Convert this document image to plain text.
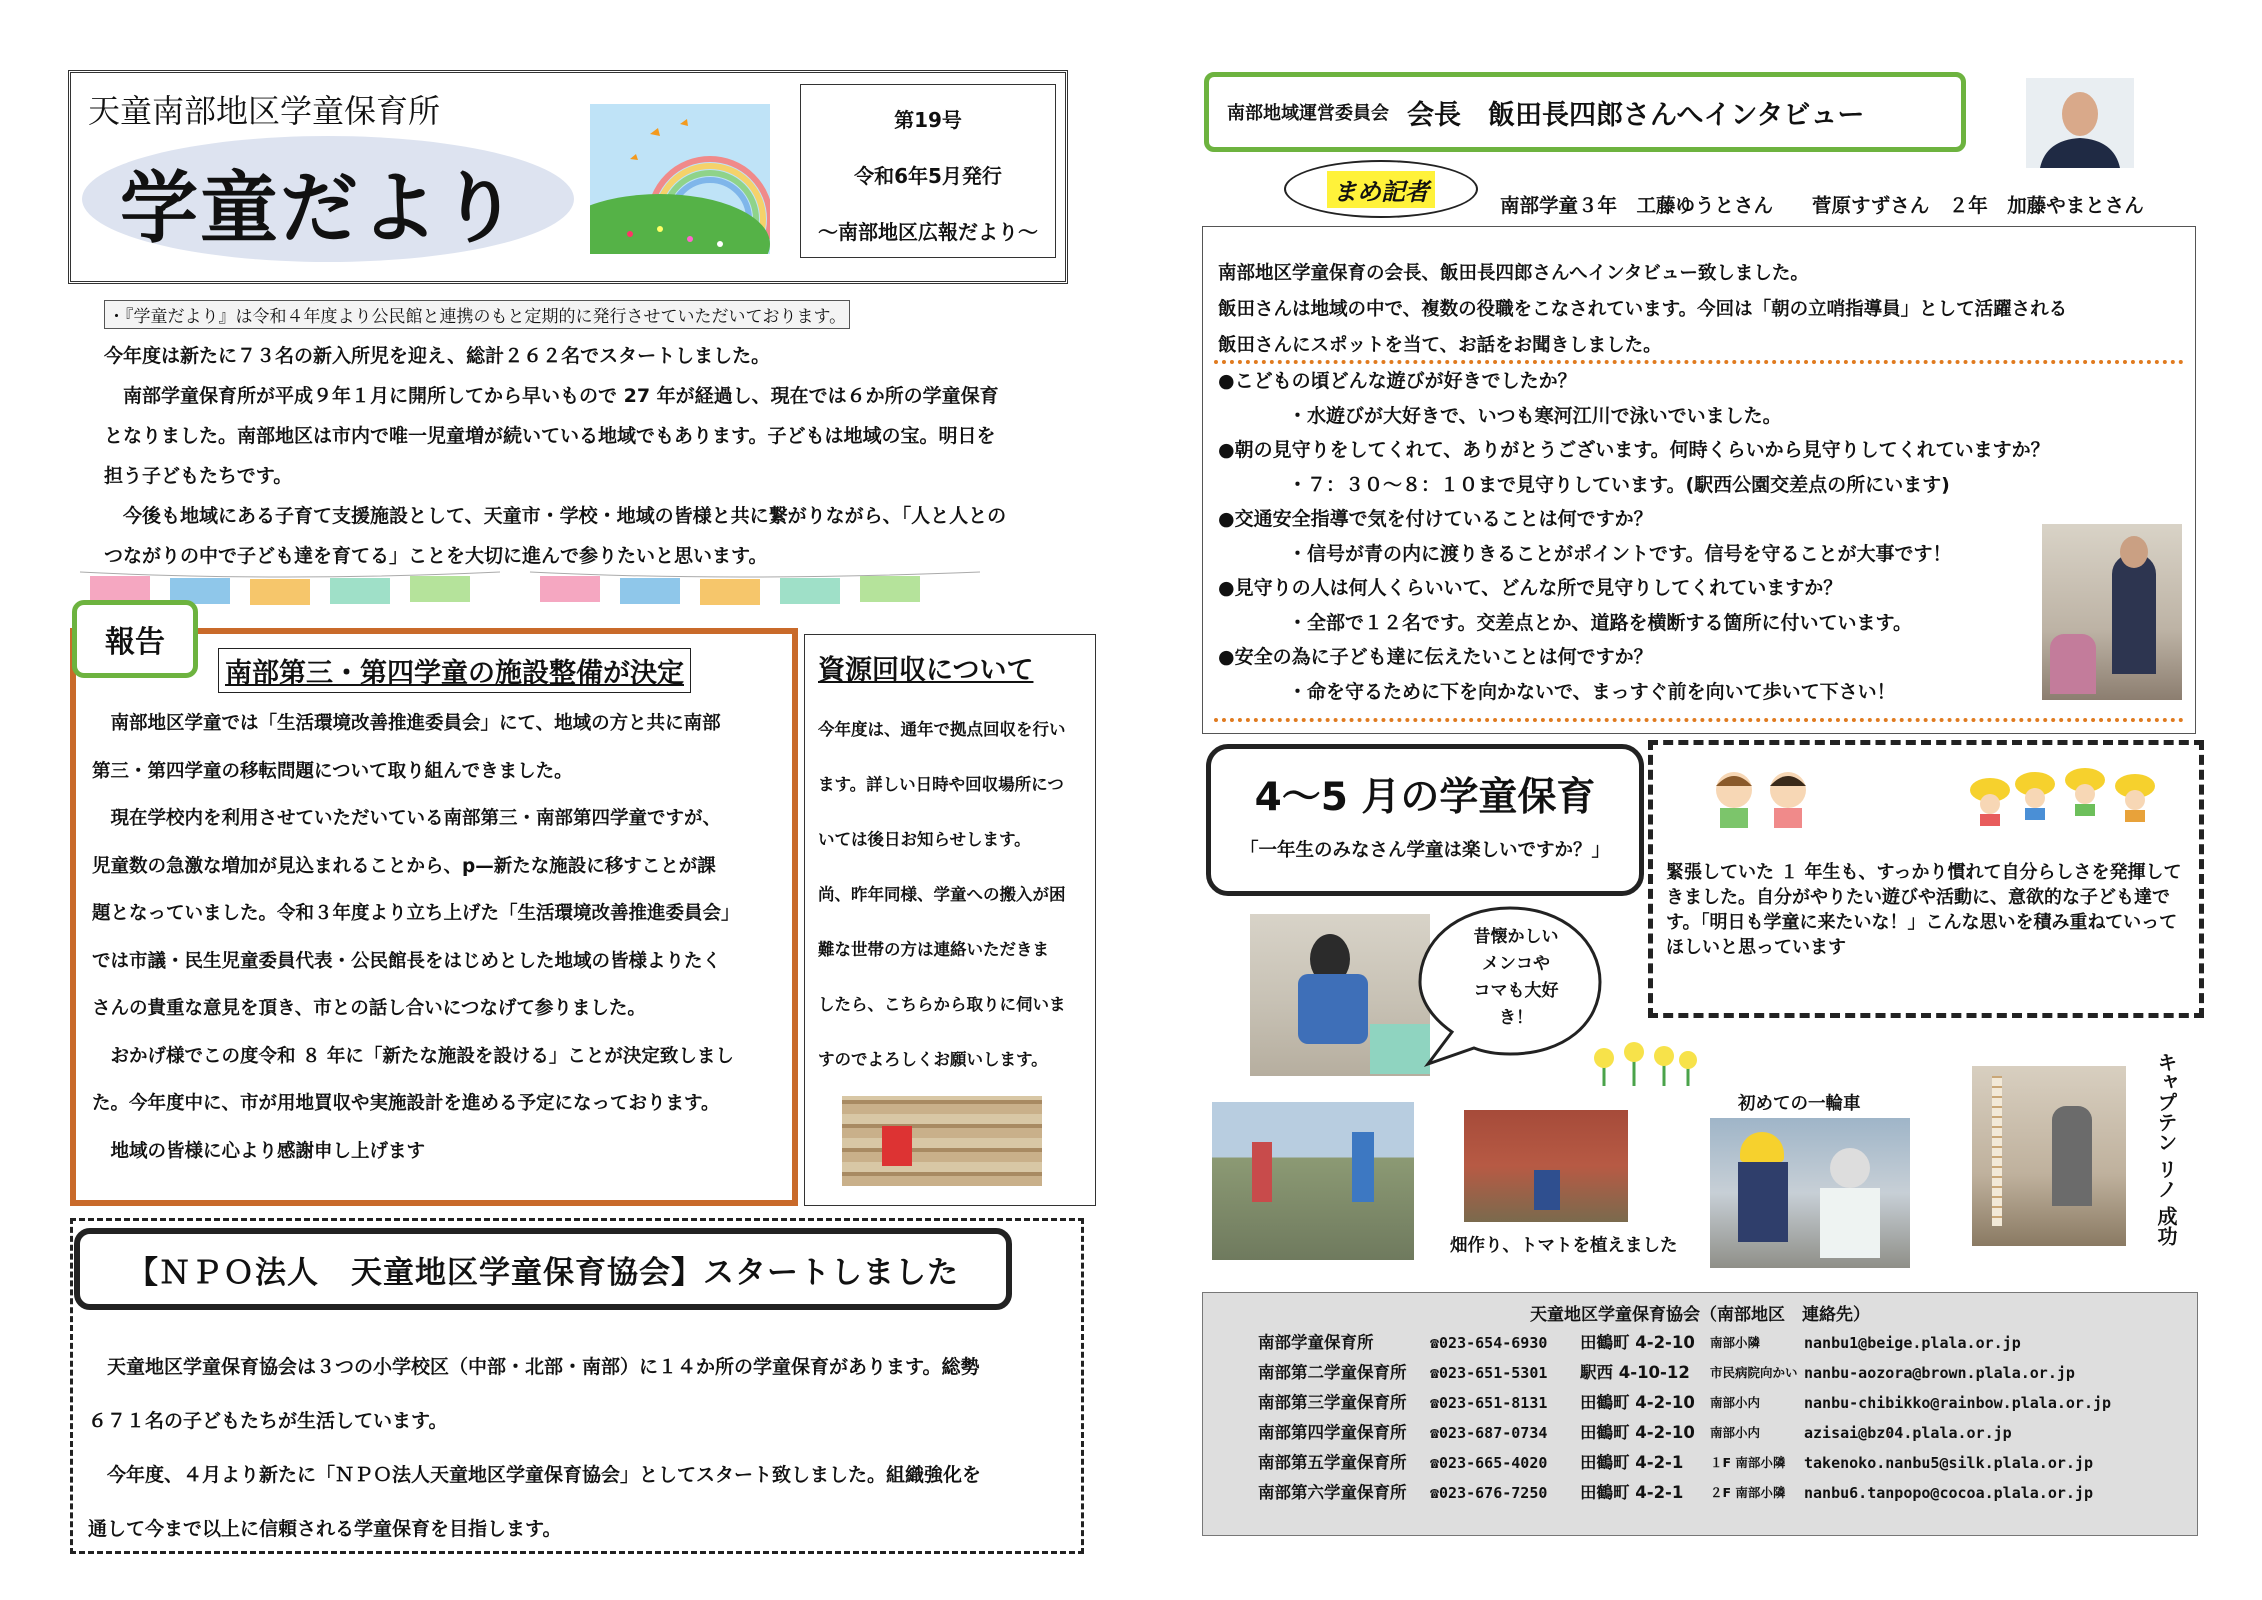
天童南部地区学童保育所
学童だより
第19号
令和6年5月発行
～南部地区広報だより～
・『学童だより』は令和４年度より公民館と連携のもと定期的に発行させていただいております。

今年度は新たに７３名の新入所児を迎え、総計２６２名でスタートしました。

　南部学童保育所が平成９年１月に開所してから早いもので 27 年が経過し、現在では６か所の学童保育

となりました。南部地区は市内で唯一児童増が続いている地域でもあります。子どもは地域の宝。明日を

担う子どもたちです。

　今後も地域にある子育て支援施設として、天童市・学校・地域の皆様と共に繋がりながら、「人と人との

つながりの中で子ども達を育てる」ことを大切に進んで参りたいと思います。

報告
南部第三・第四学童の施設整備が決定

　南部地区学童では「生活環境改善推進委員会」にて、地域の方と共に南部

第三・第四学童の移転問題について取り組んできました。

　現在学校内を利用させていただいている南部第三・南部第四学童ですが、

児童数の急激な増加が見込まれることから、p—新たな施設に移すことが課

題となっていました。令和３年度より立ち上げた「生活環境改善推進委員会」

では市議・民生児童委員代表・公民館長をはじめとした地域の皆様よりたく

さんの貴重な意見を頂き、市との話し合いにつなげて参りました。

　おかげ様でこの度令和 ８ 年に「新たな施設を設ける」ことが決定致しまし

た。今年度中に、市が用地買収や実施設計を進める予定になっております。

　地域の皆様に心より感謝申し上げます

資源回収について

今年度は、通年で拠点回収を行い

ます。詳しい日時や回収場所につ

いては後日お知らせします。

尚、昨年同様、学童への搬入が困

難な世帯の方は連絡いただきま

したら、こちらから取りに伺いま

すのでよろしくお願いします。

【ＮＰＯ法人　天童地区学童保育協会】スタートしました

　天童地区学童保育協会は３つの小学校区（中部・北部・南部）に１４か所の学童保育があります。総勢

６７１名の子どもたちが生活しています。

　今年度、４月より新たに「ＮＰＯ法人天童地区学童保育協会」としてスタート致しました。組織強化を

通して今まで以上に信頼される学童保育を目指します。

南部地域運営委員会 会長　飯田長四郎さんへインタビュー
まめ記者	南部学童３年　工藤ゆうとさん　　菅原すずさん　２年　加藤やまとさん

南部地区学童保育の会長、飯田長四郎さんへインタビュー致しました。

飯田さんは地域の中で、複数の役職をこなされています。今回は「朝の立哨指導員」として活躍される

飯田さんにスポットを当て、お話をお聞きしました。

●こどもの頃どんな遊びが好きでしたか？

・水遊びが大好きで、いつも寒河江川で泳いでいました。

●朝の見守りをしてくれて、ありがとうございます。何時くらいから見守りしてくれていますか？

・７：３０～８：１０まで見守りしています。(駅西公園交差点の所にいます)

●交通安全指導で気を付けていることは何ですか？

・信号が青の内に渡りきることがポイントです。信号を守ることが大事です！

●見守りの人は何人くらいいて、どんな所で見守りしてくれていますか？

・全部で１２名です。交差点とか、道路を横断する箇所に付いています。

●安全の為に子ども達に伝えたいことは何ですか？

・命を守るために下を向かないで、まっすぐ前を向いて歩いて下さい！

4～5 月の学童保育
「一年生のみなさん学童は楽しいですか？」

緊張していた １ 年生も、すっかり慣れて自分らしさを発揮して

きました。自分がやりたい遊びや活動に、意欲的な子ども達で

す。「明日も学童に来たいな！」こんな思いを積み重ねていって

ほしいと思っています

昔懐かしい

メンコや

コマも大好

き！

畑作り、トマトを植えました
初めての一輪車	キャプテン リノ 成功
天童地区学童保育協会（南部地区　連絡先）
南部学童保育所	☎023-654-6930	田鶴町 4-2-10	南部小隣	nanbu1@beige.plala.or.jp
南部第二学童保育所	☎023-651-5301	駅西 4-10-12	市民病院向かい nanbu-aozora@brown.plala.or.jp
南部第三学童保育所	☎023-651-8131	田鶴町 4-2-10	南部小内	nanbu-chibikko@rainbow.plala.or.jp
南部第四学童保育所	☎023-687-0734	田鶴町 4-2-10	南部小内	azisai@bz04.plala.or.jp
南部第五学童保育所	☎023-665-4020	田鶴町 4-2-1	１F 南部小隣	takenoko.nanbu5@silk.plala.or.jp
南部第六学童保育所	☎023-676-7250	田鶴町 4-2-1	２F 南部小隣	nanbu6.tanpopo@cocoa.plala.or.jp
